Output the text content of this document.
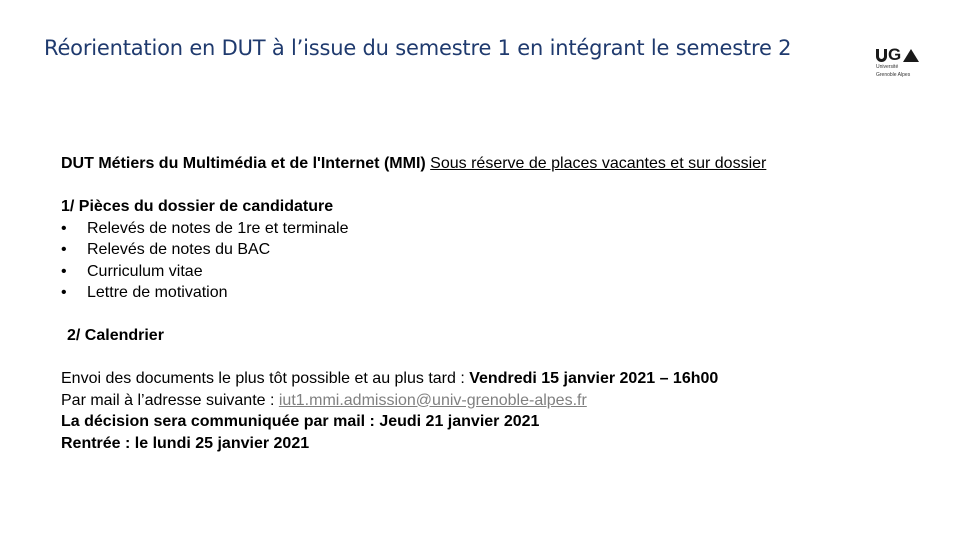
Réorientation en DUT à l’issue du semestre 1 en intégrant le semestre 2	G
Université
Grenoble Alpes
DUT Métiers du Multimédia et de l'Internet (MMI) Sous réserve de places vacantes et sur dossier
1/ Pièces du dossier de candidature
•	Relevés de notes de 1re et terminale
•	Relevés de notes du BAC
•	Curriculum vitae
•	Lettre de motivation
2/ Calendrier
Envoi des documents le plus tôt possible et au plus tard : Vendredi 15 janvier 2021 – 16h00
Par mail à l’adresse suivante : iut1.mmi.admission@univ-grenoble-alpes.fr
La décision sera communiquée par mail : Jeudi 21 janvier 2021
Rentrée : le lundi 25 janvier 2021
